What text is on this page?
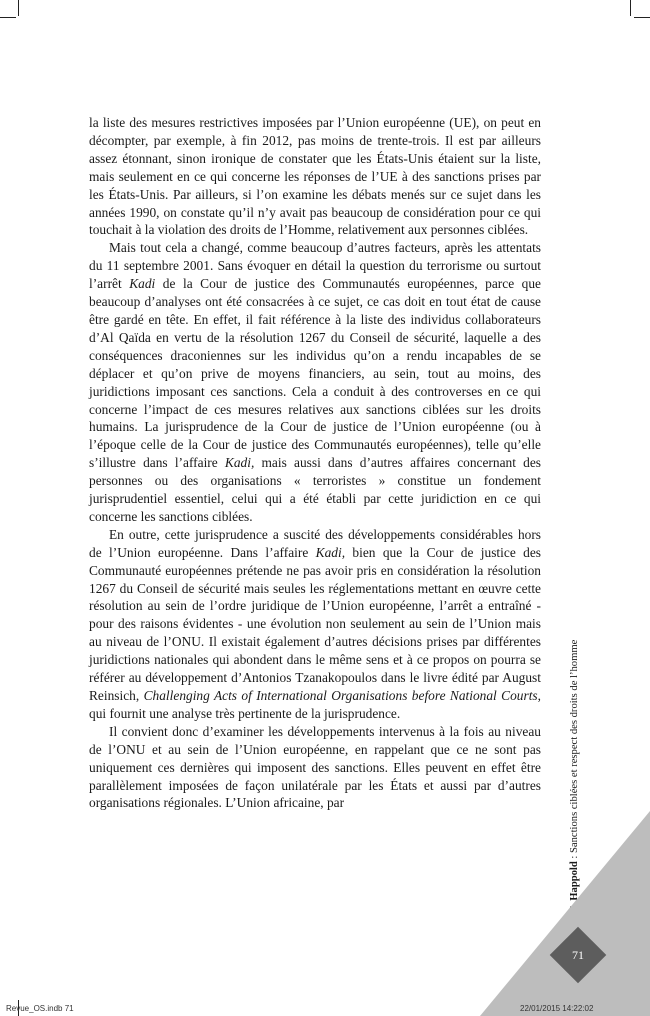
la liste des mesures restrictives imposées par l’Union européenne (UE), on peut en décompter, par exemple, à fin 2012, pas moins de trente-trois. Il est par ailleurs assez étonnant, sinon ironique de constater que les États-Unis étaient sur la liste, mais seulement en ce qui concerne les réponses de l’UE à des sanctions prises par les États-Unis. Par ailleurs, si l’on examine les débats menés sur ce sujet dans les années 1990, on constate qu’il n’y avait pas beaucoup de considération pour ce qui touchait à la violation des droits de l’Homme, relativement aux personnes ciblées.

Mais tout cela a changé, comme beaucoup d’autres facteurs, après les attentats du 11 septembre 2001. Sans évoquer en détail la question du terrorisme ou surtout l’arrêt Kadi de la Cour de justice des Communautés européennes, parce que beaucoup d’analyses ont été consacrées à ce sujet, ce cas doit en tout état de cause être gardé en tête. En effet, il fait référence à la liste des individus collaborateurs d’Al Qaïda en vertu de la résolution 1267 du Conseil de sécurité, laquelle a des conséquences draconiennes sur les individus qu’on a rendu incapables de se déplacer et qu’on prive de moyens financiers, au sein, tout au moins, des juridictions imposant ces sanctions. Cela a conduit à des controverses en ce qui concerne l’impact de ces mesures relatives aux sanctions ciblées sur les droits humains. La jurisprudence de la Cour de justice de l’Union européenne (ou à l’époque celle de la Cour de justice des Communautés européennes), telle qu’elle s’illustre dans l’affaire Kadi, mais aussi dans d’autres affaires concernant des personnes ou des organisations « terroristes » constitue un fondement jurisprudentiel essentiel, celui qui a été établi par cette juridiction en ce qui concerne les sanctions ciblées.

En outre, cette jurisprudence a suscité des développements considérables hors de l’Union européenne. Dans l’affaire Kadi, bien que la Cour de justice des Communauté européennes prétende ne pas avoir pris en considération la résolution 1267 du Conseil de sécurité mais seules les réglementations mettant en œuvre cette résolution au sein de l’ordre juridique de l’Union européenne, l’arrêt a entraîné - pour des raisons évidentes - une évolution non seulement au sein de l’Union mais au niveau de l’ONU. Il existait également d’autres décisions prises par différentes juridictions nationales qui abondent dans le même sens et à ce propos on pourra se référer au développement d’Antonios Tzanakopoulos dans le livre édité par August Reinsich, Challenging Acts of International Organisations before National Courts, qui fournit une analyse très pertinente de la jurisprudence.

Il convient donc d’examiner les développements intervenus à la fois au niveau de l’ONU et au sein de l’Union européenne, en rappelant que ce ne sont pas uniquement ces dernières qui imposent des sanctions. Elles peuvent en effet être parallèlement imposées de façon unilatérale par les États et aussi par d’autres organisations régionales. L’Union africaine, par

M. Happold : Sanctions ciblées et respect des droits de l’homme
71
Revue_OS.indb 71	22/01/2015 14:22:02
